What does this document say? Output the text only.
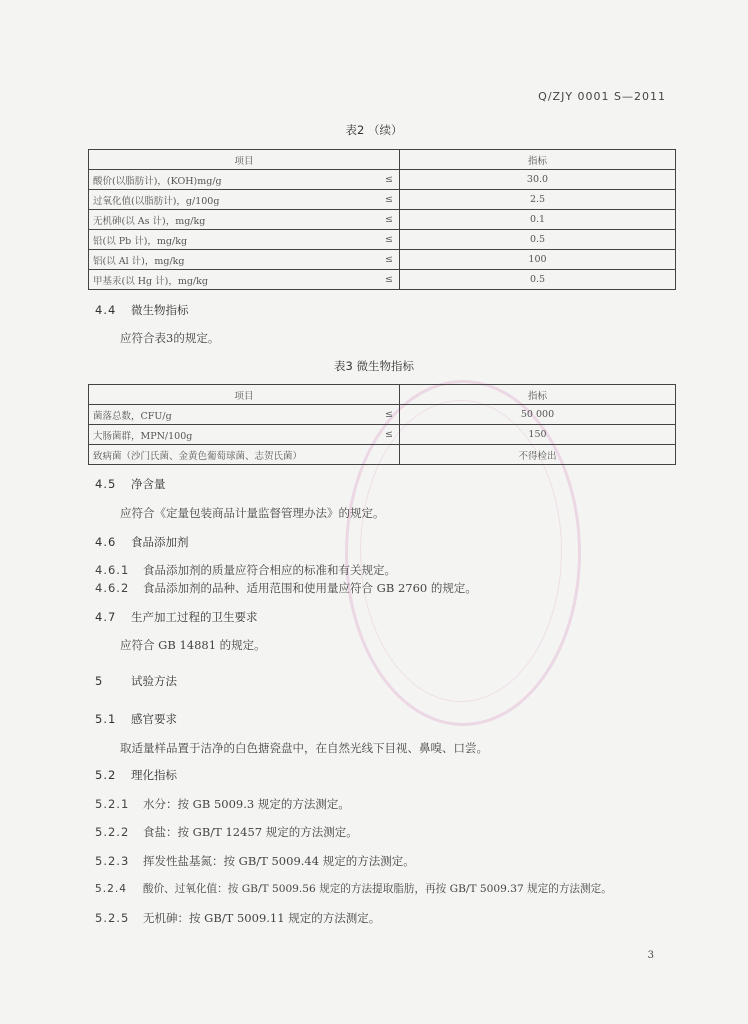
Q/ZJY 0001 S—2011
表2 （续）
项目		指标
酸价(以脂肪计)，(KOH)mg/g	≤	30.0
过氧化值(以脂肪计)，g/100g	≤	2.5
无机砷(以 As 计)，mg/kg	≤	0.1
铅(以 Pb 计)，mg/kg	≤	0.5
铝(以 Al 计)，mg/kg	≤	100
甲基汞(以 Hg 计)，mg/kg	≤	0.5
4.4 微生物指标
应符合表3的规定。
表3 微生物指标
项目		指标
菌落总数，CFU/g	≤	50 000
大肠菌群，MPN/100g	≤	150
致病菌（沙门氏菌、金黄色葡萄球菌、志贺氏菌）		不得检出
4.5 净含量
应符合《定量包装商品计量监督管理办法》的规定。
4.6 食品添加剂
4.6.1 食品添加剂的质量应符合相应的标准和有关规定。
4.6.2 食品添加剂的品种、适用范围和使用量应符合 GB 2760 的规定。
4.7 生产加工过程的卫生要求
应符合 GB 14881 的规定。
5 试验方法
5.1 感官要求
取适量样品置于洁净的白色搪瓷盘中，在自然光线下目视、鼻嗅、口尝。
5.2 理化指标
5.2.1 水分：按 GB 5009.3 规定的方法测定。
5.2.2 食盐：按 GB/T 12457 规定的方法测定。
5.2.3 挥发性盐基氮：按 GB/T 5009.44 规定的方法测定。
5.2.4 酸价、过氧化值：按 GB/T 5009.56 规定的方法提取脂肪，再按 GB/T 5009.37 规定的方法测定。
5.2.5 无机砷：按 GB/T 5009.11 规定的方法测定。
3
